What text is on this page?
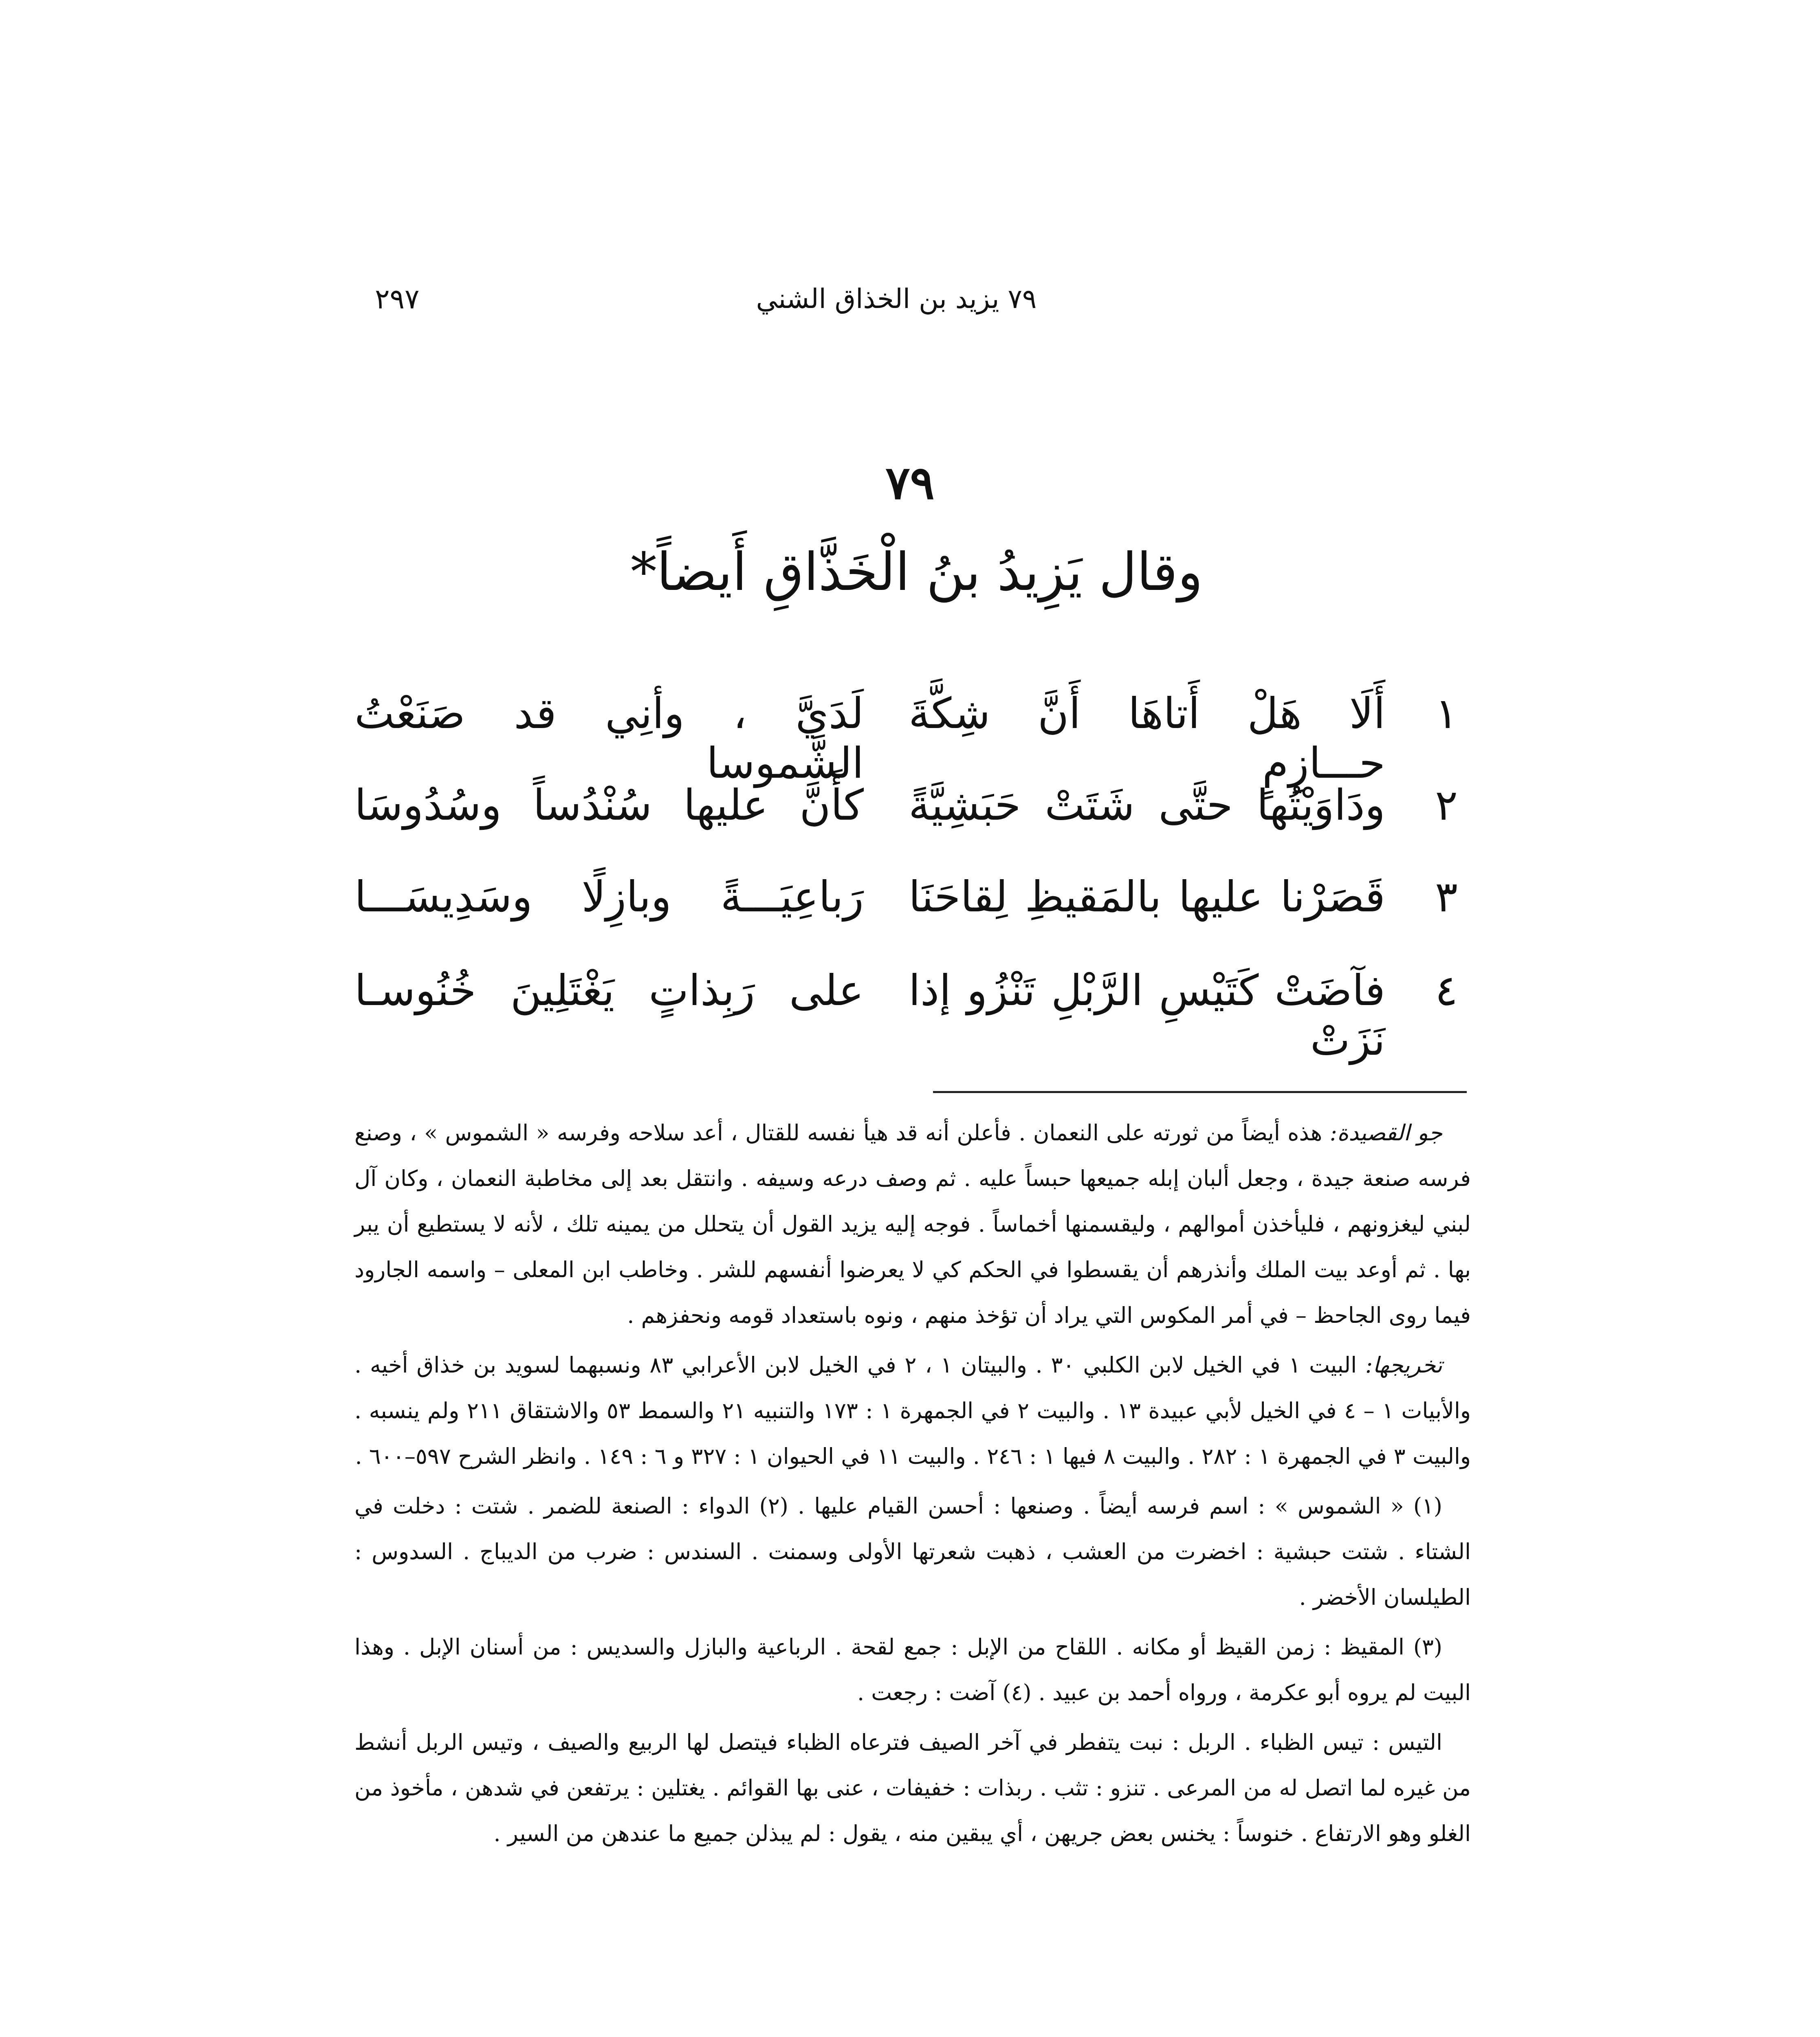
٧٩ يزيد بن الخذاق الشني
٢٩٧
٧٩
وقال يَزِيدُ بنُ الْخَذَّاقِ أَيضاً*
١
أَلَا هَلْ أَتاهَا أَنَّ شِكَّةَ حـــازِمٍ
لَدَيَّ ، وأنِي قد صَنَعْتُ الشَّموسا
٢
ودَاوَيْتُها حتَّى شَتَتْ حَبَشِيَّةً
كأَنَّ عليها سُنْدُساً وسُدُوسَا
٣
قَصَرْنا عليها بالمَقيظِ لِقاحَنَا
رَباعِيَـــةً وبازِلًا وسَدِيسَـــا
٤
فآضَتْ كَتَيْسِ الرَّبْلِ تَنْزُو إذا نَزَتْ
على رَبِذاتٍ يَغْتَلِينَ خُنُوسـا

جو القصيدة: هذه أيضاً من ثورته على النعمان . فأعلن أنه قد هيأ نفسه للقتال ، أعد سلاحه وفرسه « الشموس » ، وصنع فرسه صنعة جيدة ، وجعل ألبان إبله جميعها حبساً عليه . ثم وصف درعه وسيفه . وانتقل بعد إلى مخاطبة النعمان ، وكان آل لبني ليغزونهم ، فليأخذن أموالهم ، وليقسمنها أخماساً . فوجه إليه يزيد القول أن يتحلل من يمينه تلك ، لأنه لا يستطيع أن يبر بها . ثم أوعد بيت الملك وأنذرهم أن يقسطوا في الحكم كي لا يعرضوا أنفسهم للشر . وخاطب ابن المعلى – واسمه الجارود فيما روى الجاحظ – في أمر المكوس التي يراد أن تؤخذ منهم ، ونوه باستعداد قومه ونحفزهم .

تخريجها: البيت ١ في الخيل لابن الكلبي ٣٠ . والبيتان ١ ، ٢ في الخيل لابن الأعرابي ٨٣ ونسبهما لسويد بن خذاق أخيه . والأبيات ١ – ٤ في الخيل لأبي عبيدة ١٣ . والبيت ٢ في الجمهرة ١ : ١٧٣ والتنبيه ٢١ والسمط ٥٣ والاشتقاق ٢١١ ولم ينسبه . والبيت ٣ في الجمهرة ١ : ٢٨٢ . والبيت ٨ فيها ١ : ٢٤٦ . والبيت ١١ في الحيوان ١ : ٣٢٧ و ٦ : ١٤٩ . وانظر الشرح ٥٩٧–٦٠٠ .

(١) « الشموس » : اسم فرسه أيضاً . وصنعها : أحسن القيام عليها . (٢) الدواء : الصنعة للضمر . شتت : دخلت في الشتاء . شتت حبشية : اخضرت من العشب ، ذهبت شعرتها الأولى وسمنت . السندس : ضرب من الديباج . السدوس : الطيلسان الأخضر .

(٣) المقيظ : زمن القيظ أو مكانه . اللقاح من الإبل : جمع لقحة . الرباعية والبازل والسديس : من أسنان الإبل . وهذا البيت لم يروه أبو عكرمة ، ورواه أحمد بن عبيد . (٤) آضت : رجعت .

التيس : تيس الظباء . الربل : نبت يتفطر في آخر الصيف فترعاه الظباء فيتصل لها الربيع والصيف ، وتيس الربل أنشط من غيره لما اتصل له من المرعى . تنزو : تثب . ربذات : خفيفات ، عنى بها القوائم . يغتلين : يرتفعن في شدهن ، مأخوذ من الغلو وهو الارتفاع . خنوساً : يخنس بعض جريهن ، أي يبقين منه ، يقول : لم يبذلن جميع ما عندهن من السير .
